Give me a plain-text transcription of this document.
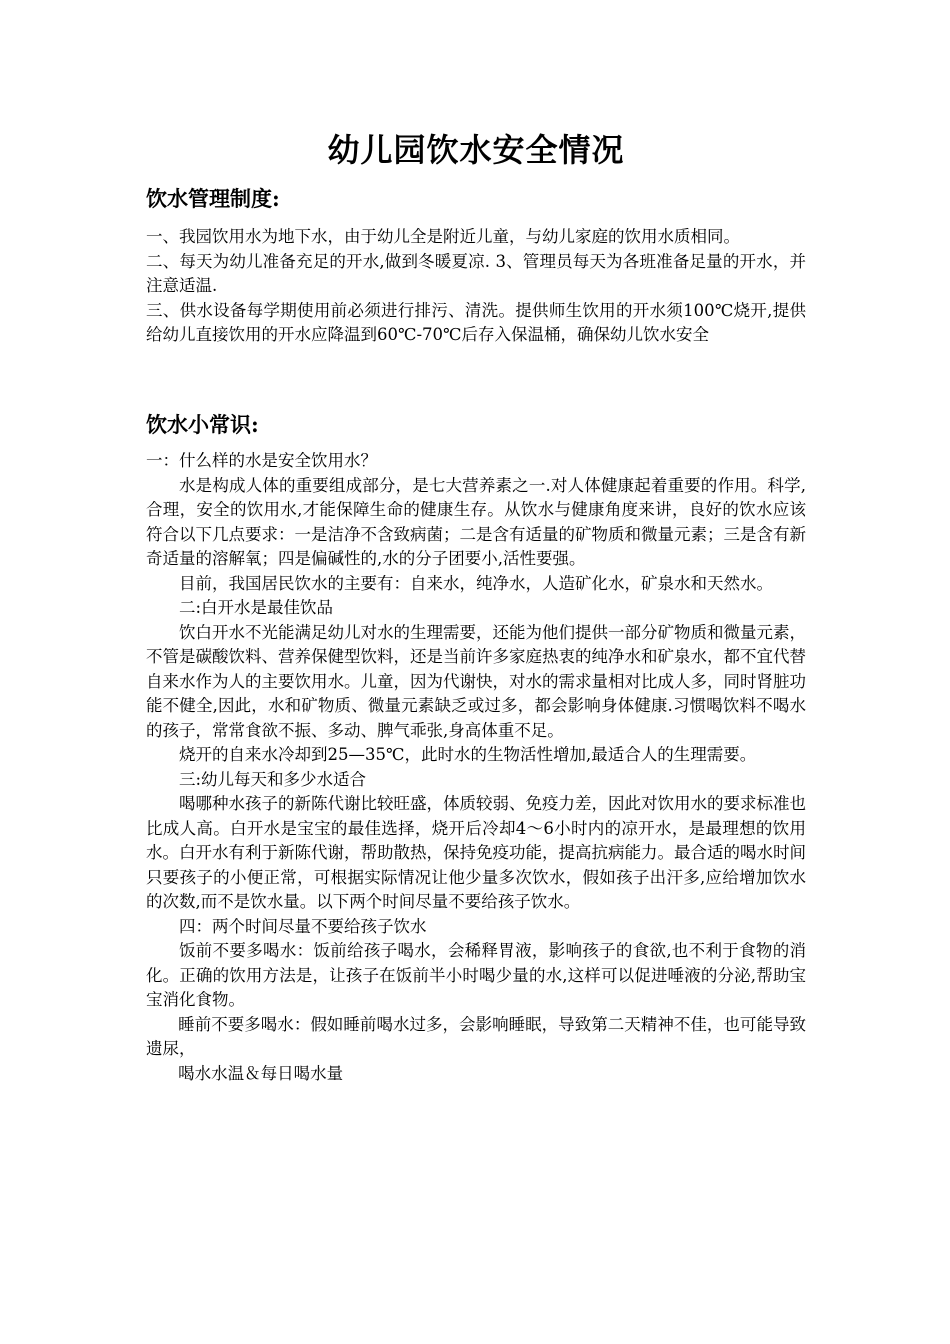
幼儿园饮水安全情况
饮水管理制度:

一、我园饮用水为地下水，由于幼儿全是附近儿童，与幼儿家庭的饮用水质相同。

二、每天为幼儿准备充足的开水,做到冬暖夏凉. 3、管理员每天为各班准备足量的开水，并注意适温.

三、供水设备每学期使用前必须进行排污、清洗。提供师生饮用的开水须100℃烧开,提供给幼儿直接饮用的开水应降温到60℃-70℃后存入保温桶，确保幼儿饮水安全

饮水小常识:

一：什么样的水是安全饮用水？

水是构成人体的重要组成部分，是七大营养素之一.对人体健康起着重要的作用。科学,合理，安全的饮用水,才能保障生命的健康生存。从饮水与健康角度来讲，良好的饮水应该符合以下几点要求：一是洁净不含致病菌；二是含有适量的矿物质和微量元素；三是含有新奇适量的溶解氧；四是偏碱性的,水的分子团要小,活性要强。

目前，我国居民饮水的主要有：自来水，纯净水，人造矿化水，矿泉水和天然水。

二:白开水是最佳饮品

饮白开水不光能满足幼儿对水的生理需要，还能为他们提供一部分矿物质和微量元素，不管是碳酸饮料、营养保健型饮料，还是当前许多家庭热衷的纯净水和矿泉水，都不宜代替自来水作为人的主要饮用水。儿童，因为代谢快，对水的需求量相对比成人多，同时肾脏功能不健全,因此，水和矿物质、微量元素缺乏或过多，都会影响身体健康.习惯喝饮料不喝水的孩子，常常食欲不振、多动、脾气乖张,身高体重不足。

烧开的自来水冷却到25—35℃，此时水的生物活性增加,最适合人的生理需要。

三:幼儿每天和多少水适合

喝哪种水孩子的新陈代谢比较旺盛，体质较弱、免疫力差，因此对饮用水的要求标准也比成人高。白开水是宝宝的最佳选择，烧开后冷却4～6小时内的凉开水，是最理想的饮用水。白开水有利于新陈代谢，帮助散热，保持免疫功能，提高抗病能力。最合适的喝水时间只要孩子的小便正常，可根据实际情况让他少量多次饮水，假如孩子出汗多,应给增加饮水的次数,而不是饮水量。以下两个时间尽量不要给孩子饮水。

四：两个时间尽量不要给孩子饮水

饭前不要多喝水：饭前给孩子喝水，会稀释胃液，影响孩子的食欲,也不利于食物的消化。正确的饮用方法是，让孩子在饭前半小时喝少量的水,这样可以促进唾液的分泌,帮助宝宝消化食物。

睡前不要多喝水：假如睡前喝水过多，会影响睡眠，导致第二天精神不佳，也可能导致遗尿，

喝水水温＆每日喝水量
